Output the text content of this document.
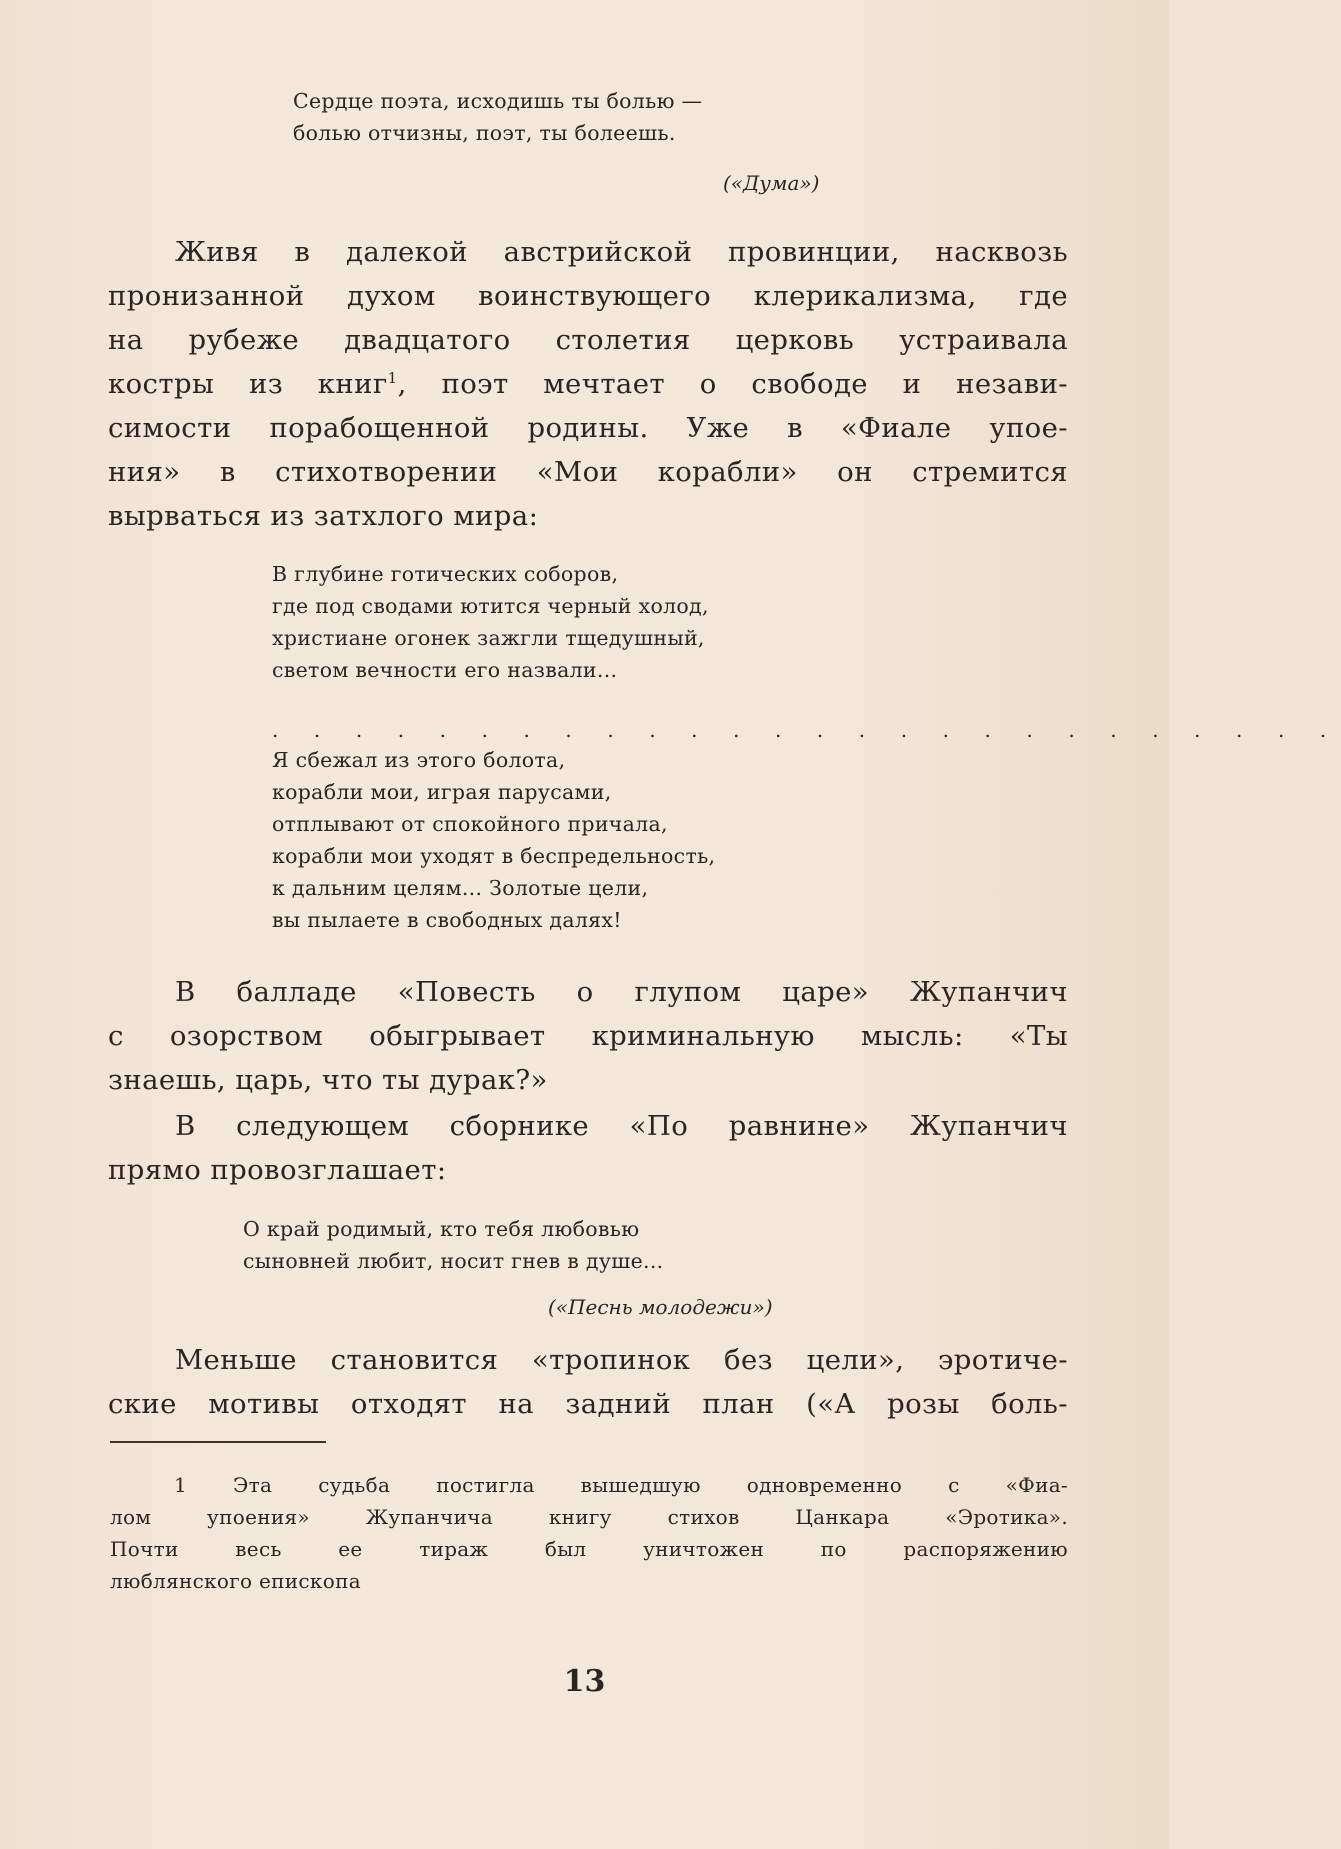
Сердце поэта, исходишь ты болью —
болью отчизны, поэт, ты болеешь.
(«Дума»)
Живя в далекой австрийской провинции, насквозь
пронизанной духом воинствующего клерикализма, где
на рубеже двадцатого столетия церковь устраивала
костры из книг$^1$, поэт мечтает о свободе и незави-
симости порабощенной родины. Уже в «Фиале упое-
ния» в стихотворении «Мои корабли» он стремится
вырваться из затхлого мира:
В глубине готических соборов,
где под сводами ютится черный холод,
христиане огонек зажгли тщедушный,
светом вечности его назвали...
. . . . . . . . . . . . . . . . . . . . . . . . . .
Я сбежал из этого болота,
корабли мои, играя парусами,
отплывают от спокойного причала,
корабли мои уходят в беспредельность,
к дальним целям... Золотые цели,
вы пылаете в свободных далях!
В балладе «Повесть о глупом царе» Жупанчич
с озорством обыгрывает криминальную мысль: «Ты
знаешь, царь, что ты дурак?»
В следующем сборнике «По равнине» Жупанчич
прямо провозглашает:
О край родимый, кто тебя любовью
сыновней любит, носит гнев в душе...
(«Песнь молодежи»)
Меньше становится «тропинок без цели», эротиче-
ские мотивы отходят на задний план («А розы боль-
1 Эта судьба постигла вышедшую одновременно с «Фиа-
лом упоения» Жупанчича книгу стихов Цанкара «Эротика».
Почти весь ее тираж был уничтожен по распоряжению
люблянского епископа
13
